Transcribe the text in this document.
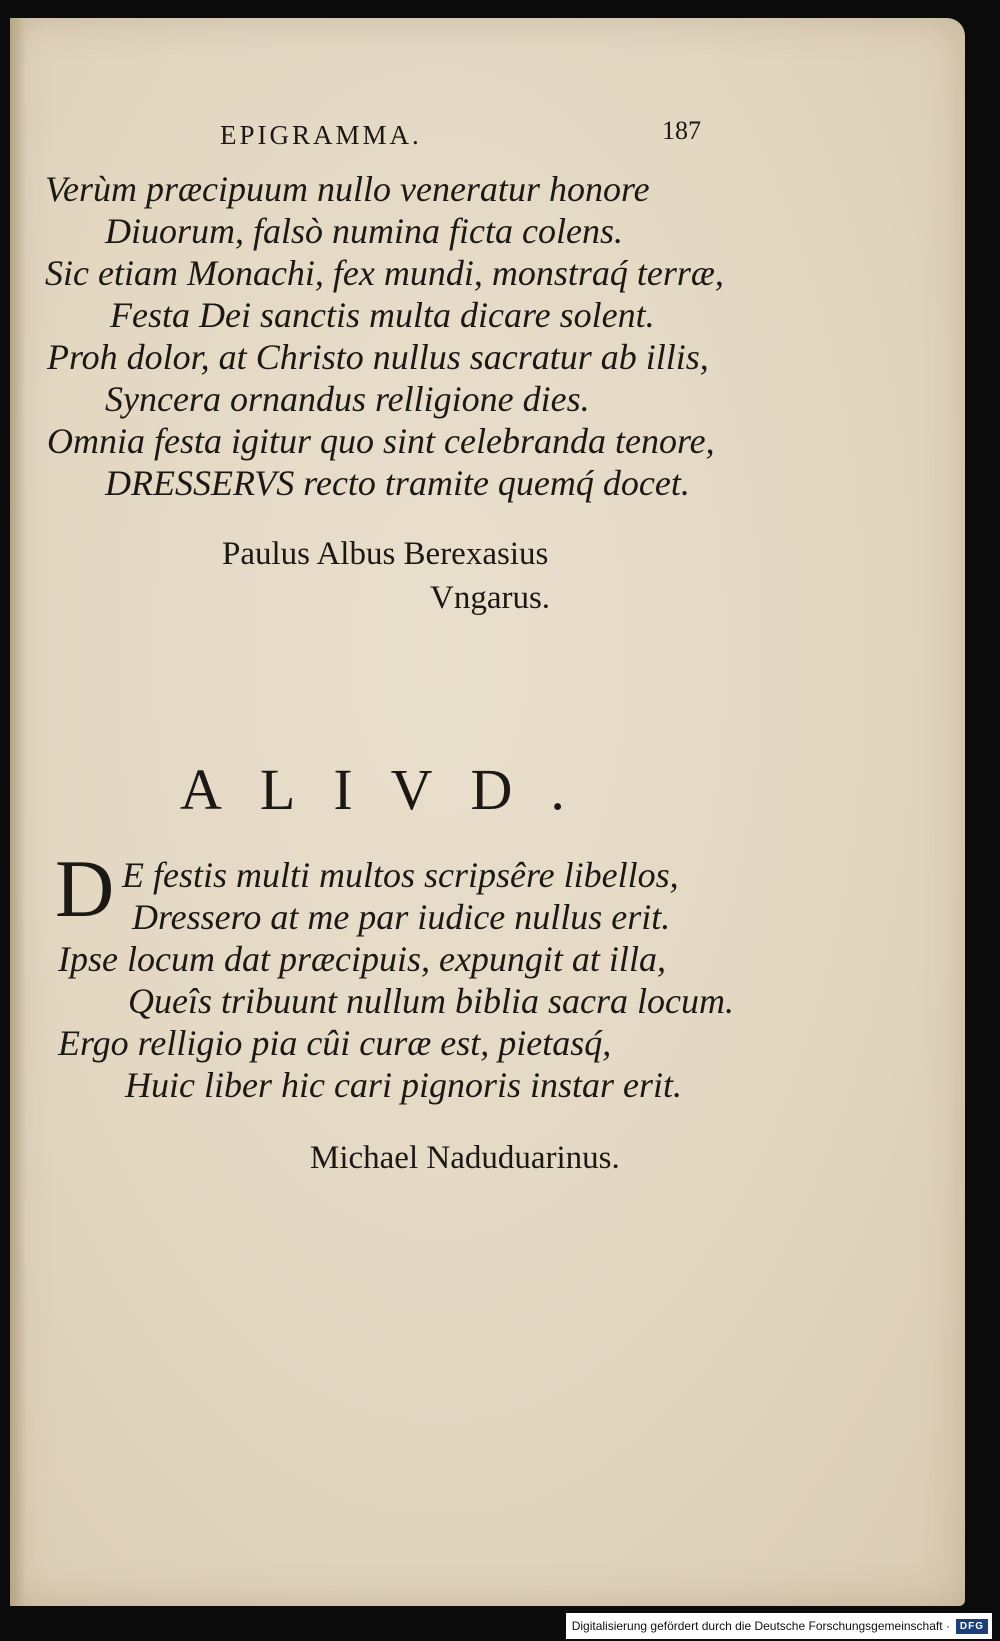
EPIGRAMMA.	187
Verùm præcipuum nullo veneratur honore
Diuorum, falsò numina ficta colens.
Sic etiam Monachi, fex mundi, monstraq́ terræ,
Festa Dei sanctis multa dicare solent.
Proh dolor, at Christo nullus sacratur ab illis,
Syncera ornandus relligione dies.
Omnia festa igitur quo sint celebranda tenore,
DRESSERVS recto tramite quemq́ docet.
Paulus Albus Berexasius
Vngarus.
ALIVD.
D E festis multi multos scripsêre libellos,
Dressero at me par iudice nullus erit.
Ipse locum dat præcipuis, expungit at illa,
Queîs tribuunt nullum biblia sacra locum.
Ergo relligio pia cûi curæ est, pietasq́,
Huic liber hic cari pignoris instar erit.
Michael Naduduarinus.
Digitalisierung gefördert durch die Deutsche Forschungsgemeinschaft ·	DFG
